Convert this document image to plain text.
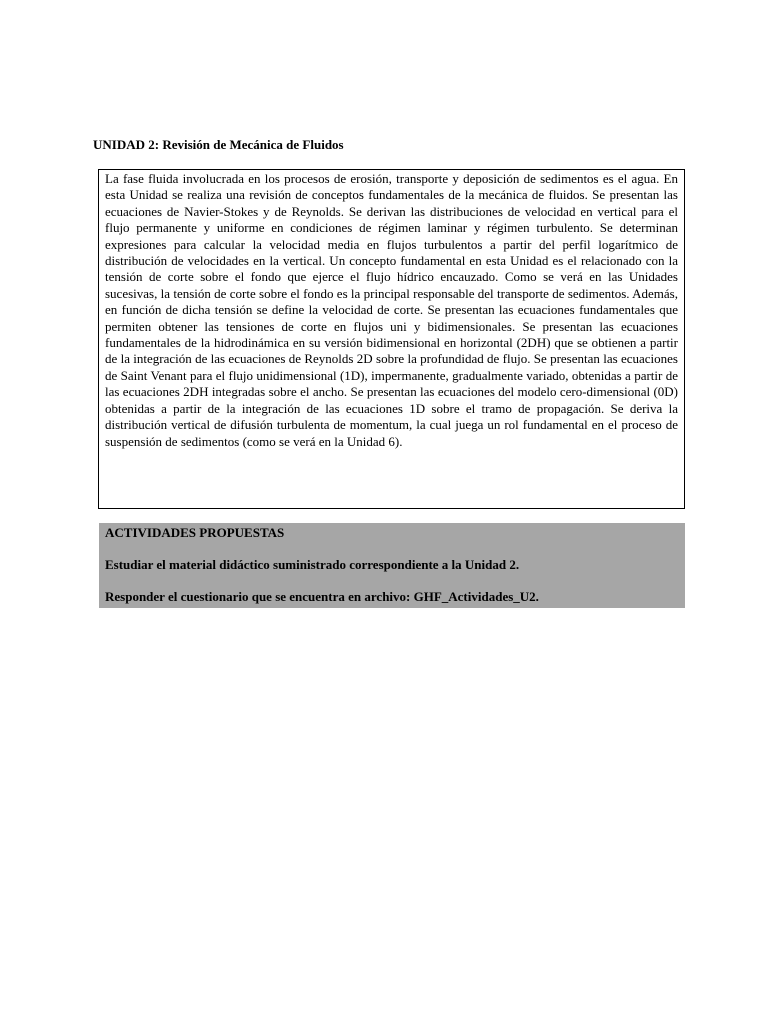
UNIDAD 2: Revisión de Mecánica de Fluidos
La fase fluida involucrada en los procesos de erosión, transporte y deposición de sedimentos es el agua. En esta Unidad se realiza una revisión de conceptos fundamentales de la mecánica de fluidos. Se presentan las ecuaciones de Navier-Stokes y de Reynolds. Se derivan las distribuciones de velocidad en vertical para el flujo permanente y uniforme en condiciones de régimen laminar y régimen turbulento. Se determinan expresiones para calcular la velocidad media en flujos turbulentos a partir del perfil logarítmico de distribución de velocidades en la vertical. Un concepto fundamental en esta Unidad es el relacionado con la tensión de corte sobre el fondo que ejerce el flujo hídrico encauzado. Como se verá en las Unidades sucesivas, la tensión de corte sobre el fondo es la principal responsable del transporte de sedimentos. Además, en función de dicha tensión se define la velocidad de corte. Se presentan las ecuaciones fundamentales que permiten obtener las tensiones de corte en flujos uni y bidimensionales. Se presentan las ecuaciones fundamentales de la hidrodinámica en su versión bidimensional en horizontal (2DH) que se obtienen a partir de la integración de las ecuaciones de Reynolds 2D sobre la profundidad de flujo. Se presentan las ecuaciones de Saint Venant para el flujo unidimensional (1D), impermanente, gradualmente variado, obtenidas a partir de las ecuaciones 2DH integradas sobre el ancho. Se presentan las ecuaciones del modelo cero-dimensional (0D) obtenidas a partir de la integración de las ecuaciones 1D sobre el tramo de propagación. Se deriva la distribución vertical de difusión turbulenta de momentum, la cual juega un rol fundamental en el proceso de suspensión de sedimentos (como se verá en la Unidad 6).

ACTIVIDADES PROPUESTAS

Estudiar el material didáctico suministrado correspondiente a la Unidad 2.

Responder el cuestionario que se encuentra en archivo: GHF_Actividades_U2.
